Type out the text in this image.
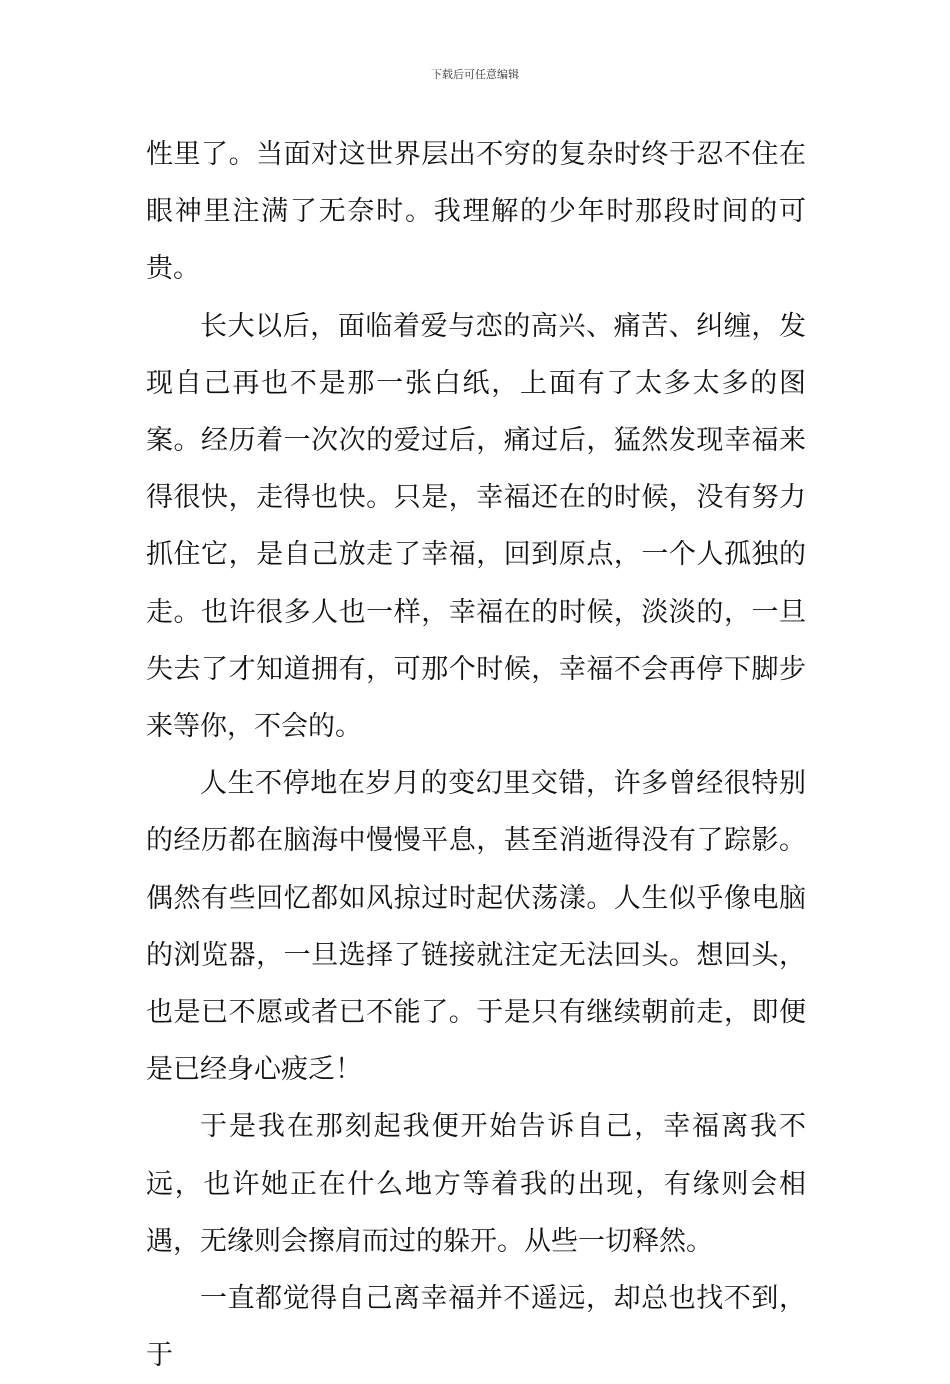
下载后可任意编辑

性里了。当面对这世界层出不穷的复杂时终于忍不住在眼神里注满了无奈时。我理解的少年时那段时间的可贵。

长大以后，面临着爱与恋的高兴、痛苦、纠缠，发现自己再也不是那一张白纸，上面有了太多太多的图案。经历着一次次的爱过后，痛过后，猛然发现幸福来得很快，走得也快。只是，幸福还在的时候，没有努力抓住它，是自己放走了幸福，回到原点，一个人孤独的走。也许很多人也一样，幸福在的时候，淡淡的，一旦失去了才知道拥有，可那个时候，幸福不会再停下脚步来等你，不会的。

人生不停地在岁月的变幻里交错，许多曾经很特别的经历都在脑海中慢慢平息，甚至消逝得没有了踪影。偶然有些回忆都如风掠过时起伏荡漾。人生似乎像电脑的浏览器，一旦选择了链接就注定无法回头。想回头，也是已不愿或者已不能了。于是只有继续朝前走，即便是已经身心疲乏！

于是我在那刻起我便开始告诉自己，幸福离我不远，也许她正在什么地方等着我的出现，有缘则会相遇，无缘则会擦肩而过的躲开。从些一切释然。

一直都觉得自己离幸福并不遥远，却总也找不到，于
